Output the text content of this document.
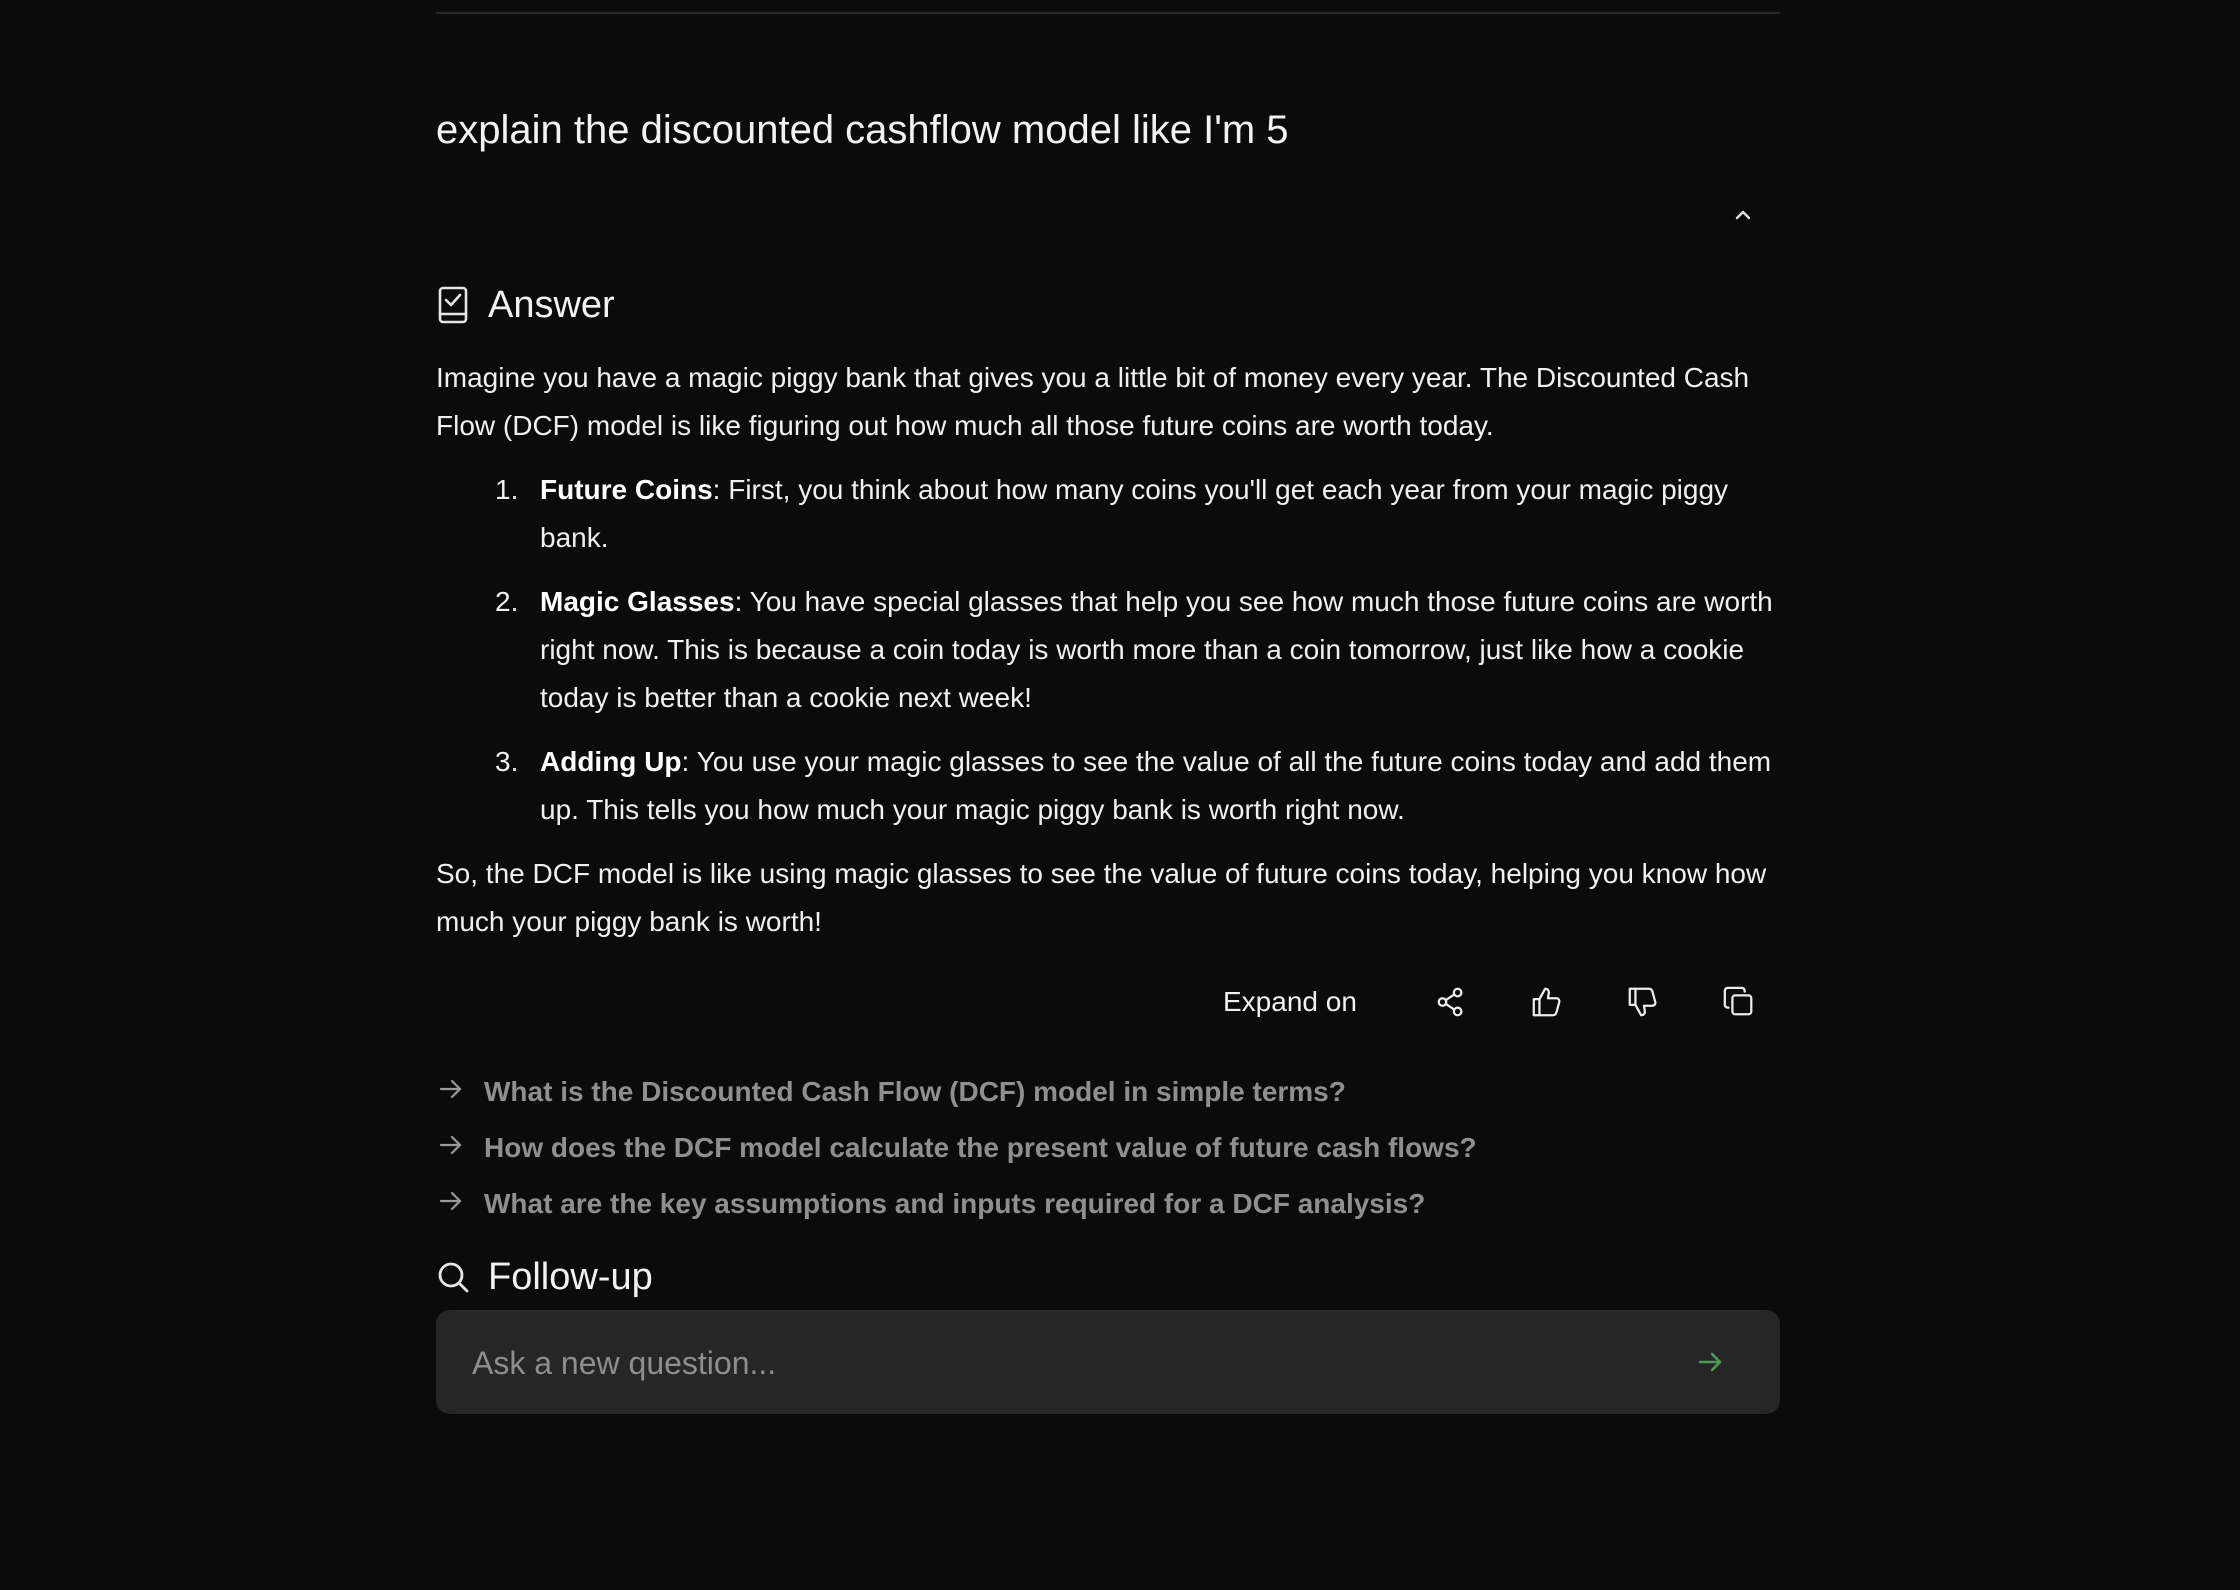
explain the discounted cashflow model like I'm 5
Answer

Imagine you have a magic piggy bank that gives you a little bit of money every year. The Discounted Cash Flow (DCF) model is like figuring out how much all those future coins are worth today.

1. Future Coins: First, you think about how many coins you'll get each year from your magic piggy bank.
2. Magic Glasses: You have special glasses that help you see how much those future coins are worth right now. This is because a coin today is worth more than a coin tomorrow, just like how a cookie today is better than a cookie next week!
3. Adding Up: You use your magic glasses to see the value of all the future coins today and add them up. This tells you how much your magic piggy bank is worth right now.

So, the DCF model is like using magic glasses to see the value of future coins today, helping you know how much your piggy bank is worth!

Expand on
What is the Discounted Cash Flow (DCF) model in simple terms?
How does the DCF model calculate the present value of future cash flows?
What are the key assumptions and inputs required for a DCF analysis?
Follow-up
Ask a new question...
